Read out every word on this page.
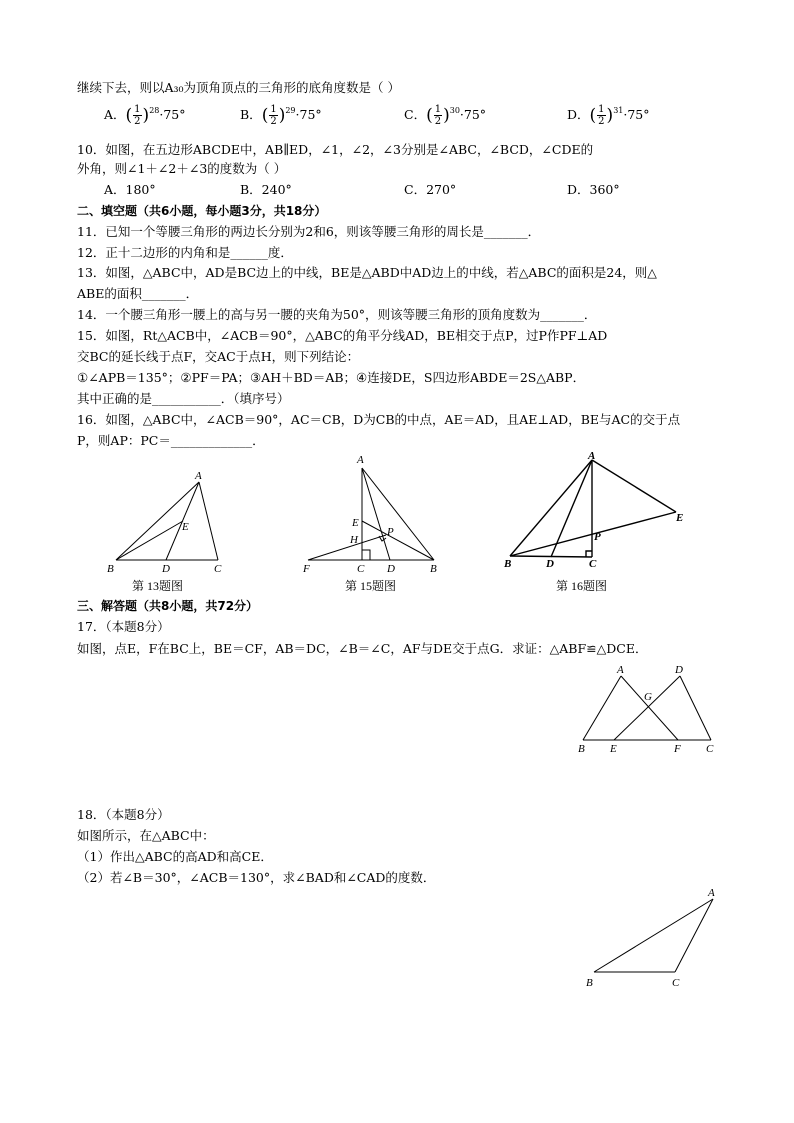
继续下去，则以A₃₀为顶角顶点的三角形的底角度数是（ ）
A．( $\frac{1}{2} )^{28}\cdot 75^\circ$	B．( $\frac{1}{2} )^{29}\cdot 75^\circ$	C．( $\frac{1}{2} )^{30}\cdot 75^\circ$	D．( $\frac{1}{2} )^{31}\cdot 75^\circ$
10．如图，在五边形ABCDE中，AB∥ED，∠1，∠2，∠3分别是∠ABC，∠BCD，∠CDE的
外角，则∠1＋∠2＋∠3的度数为（ ）
A．180°	B．240°	C．270°	D．360°
二、填空题（共6小题，每小题3分，共18分）
11．已知一个等腰三角形的两边长分别为2和6，则该等腰三角形的周长是_______．
12．正十二边形的内角和是______度．
13．如图，△ABC中，AD是BC边上的中线，BE是△ABD中AD边上的中线，若△ABC的面积是24，则△
ABE的面积_______．
14．一个腰三角形一腰上的高与另一腰的夹角为50°，则该等腰三角形的顶角度数为_______．
15．如图，Rt△ACB中，∠ACB＝90°，△ABC的角平分线AD，BE相交于点P，过P作PF⊥AD
交BC的延长线于点F，交AC于点H，则下列结论：
①∠APB＝135°；②PF＝PA；③AH＋BD＝AB；④连接DE，S四边形ABDE＝2S△ABP．
其中正确的是___________．（填序号）
16．如图，△ABC中，∠ACB＝90°，AC＝CB，D为CB的中点，AE＝AD，且AE⊥AD，BE与AC的交于点
P，则AP：PC＝_____________．
A
E
B	D	C
第 13题图
A
E
P
H
F	C D	B
第 15题图
A
E
P
B	D	C
第 16题图
三、解答题（共8小题，共72分）
17．（本题8分）
如图，点E，F在BC上，BE＝CF，AB＝DC，∠B＝∠C，AF与DE交于点G．求证：△ABF≌△DCE．
A	D
G
B E	F C
18．（本题8分）
如图所示，在△ABC中：
（1）作出△ABC的高AD和高CE．
（2）若∠B＝30°，∠ACB＝130°，求∠BAD和∠CAD的度数．
A
B	C
